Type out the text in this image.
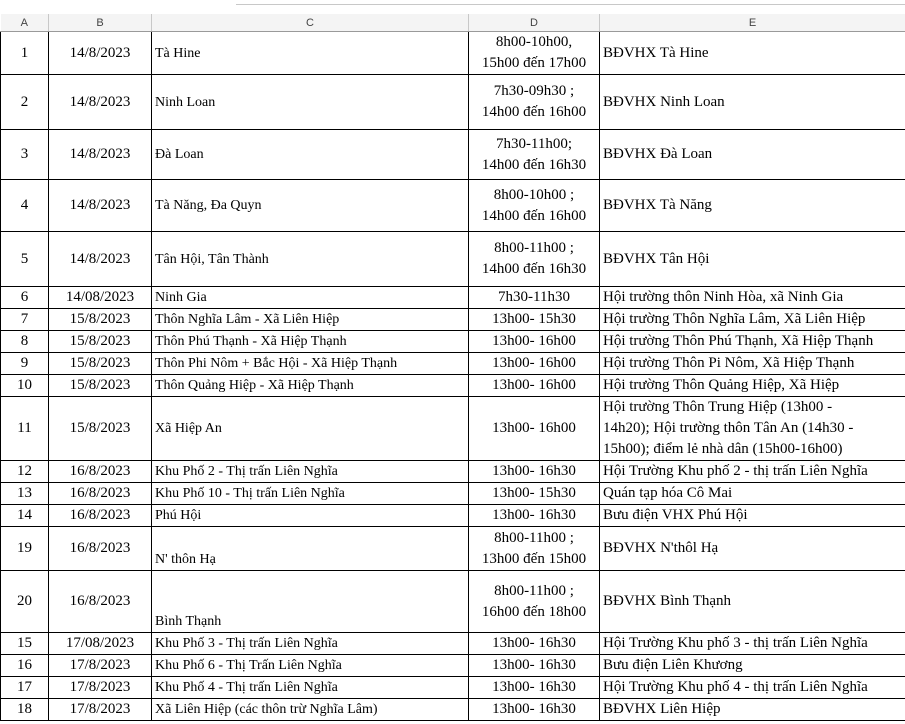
A	B	C	D	E
1	14/8/2023	Tà Hine	8h00-10h00,
15h00 đến 17h00	BĐVHX Tà Hine

2	14/8/2023	Ninh Loan	7h30-09h30 ;
14h00 đến 16h00	BĐVHX Ninh Loan

3	14/8/2023	Đà Loan	7h30-11h00;
14h00 đến 16h30	BĐVHX Đà Loan

4	14/8/2023	Tà Năng, Đa Quyn	8h00-10h00 ;
14h00 đến 16h00	BĐVHX Tà Năng

5	14/8/2023	Tân Hội, Tân Thành	8h00-11h00 ;
14h00 đến 16h30	BĐVHX Tân Hội

6	14/08/2023	Ninh Gia	7h30-11h30	Hội trường thôn Ninh Hòa, xã Ninh Gia

7	15/8/2023	Thôn Nghĩa Lâm - Xã Liên Hiệp	13h00- 15h30	Hội trường Thôn Nghĩa Lâm, Xã Liên Hiệp

8	15/8/2023	Thôn Phú Thạnh - Xã Hiệp Thạnh	13h00- 16h00	Hội trường Thôn Phú Thạnh, Xã Hiệp Thạnh

9	15/8/2023	Thôn Phi Nôm + Bắc Hội - Xã Hiệp Thạnh	13h00- 16h00	Hội trường Thôn Pi Nôm, Xã Hiệp Thạnh

10	15/8/2023	Thôn Quảng Hiệp - Xã Hiệp Thạnh	13h00- 16h00	Hội trường Thôn Quảng Hiệp, Xã Hiệp

11	15/8/2023	Xã Hiệp An	13h00- 16h00	Hội trường Thôn Trung Hiệp (13h00 -
14h20); Hội trường thôn Tân An (14h30 -
15h00); điểm lẻ nhà dân (15h00-16h00)

12	16/8/2023	Khu Phố 2 - Thị trấn Liên Nghĩa	13h00- 16h30	Hội Trường Khu phố 2 - thị trấn Liên Nghĩa

13	16/8/2023	Khu Phố 10 - Thị trấn Liên Nghĩa	13h00- 15h30	Quán tạp hóa Cô Mai

14	16/8/2023	Phú Hội	13h00- 16h30	Bưu điện VHX Phú Hội

19	16/8/2023	N' thôn Hạ	8h00-11h00 ;
13h00 đến 15h00	BĐVHX N'thôl Hạ

20	16/8/2023	Bình Thạnh	8h00-11h00 ;
16h00 đến 18h00	BĐVHX Bình Thạnh

15	17/08/2023	Khu Phố 3 - Thị trấn Liên Nghĩa	13h00- 16h30	Hội Trường Khu phố 3 - thị trấn Liên Nghĩa

16	17/8/2023	Khu Phố 6 - Thị Trấn Liên Nghĩa	13h00- 16h30	Bưu điện Liên Khương

17	17/8/2023	Khu Phố 4 - Thị trấn Liên Nghĩa	13h00- 16h30	Hội Trường Khu phố 4 - thị trấn Liên Nghĩa

18	17/8/2023	Xã Liên Hiệp (các thôn trừ Nghĩa Lâm)	13h00- 16h30	BĐVHX Liên Hiệp
